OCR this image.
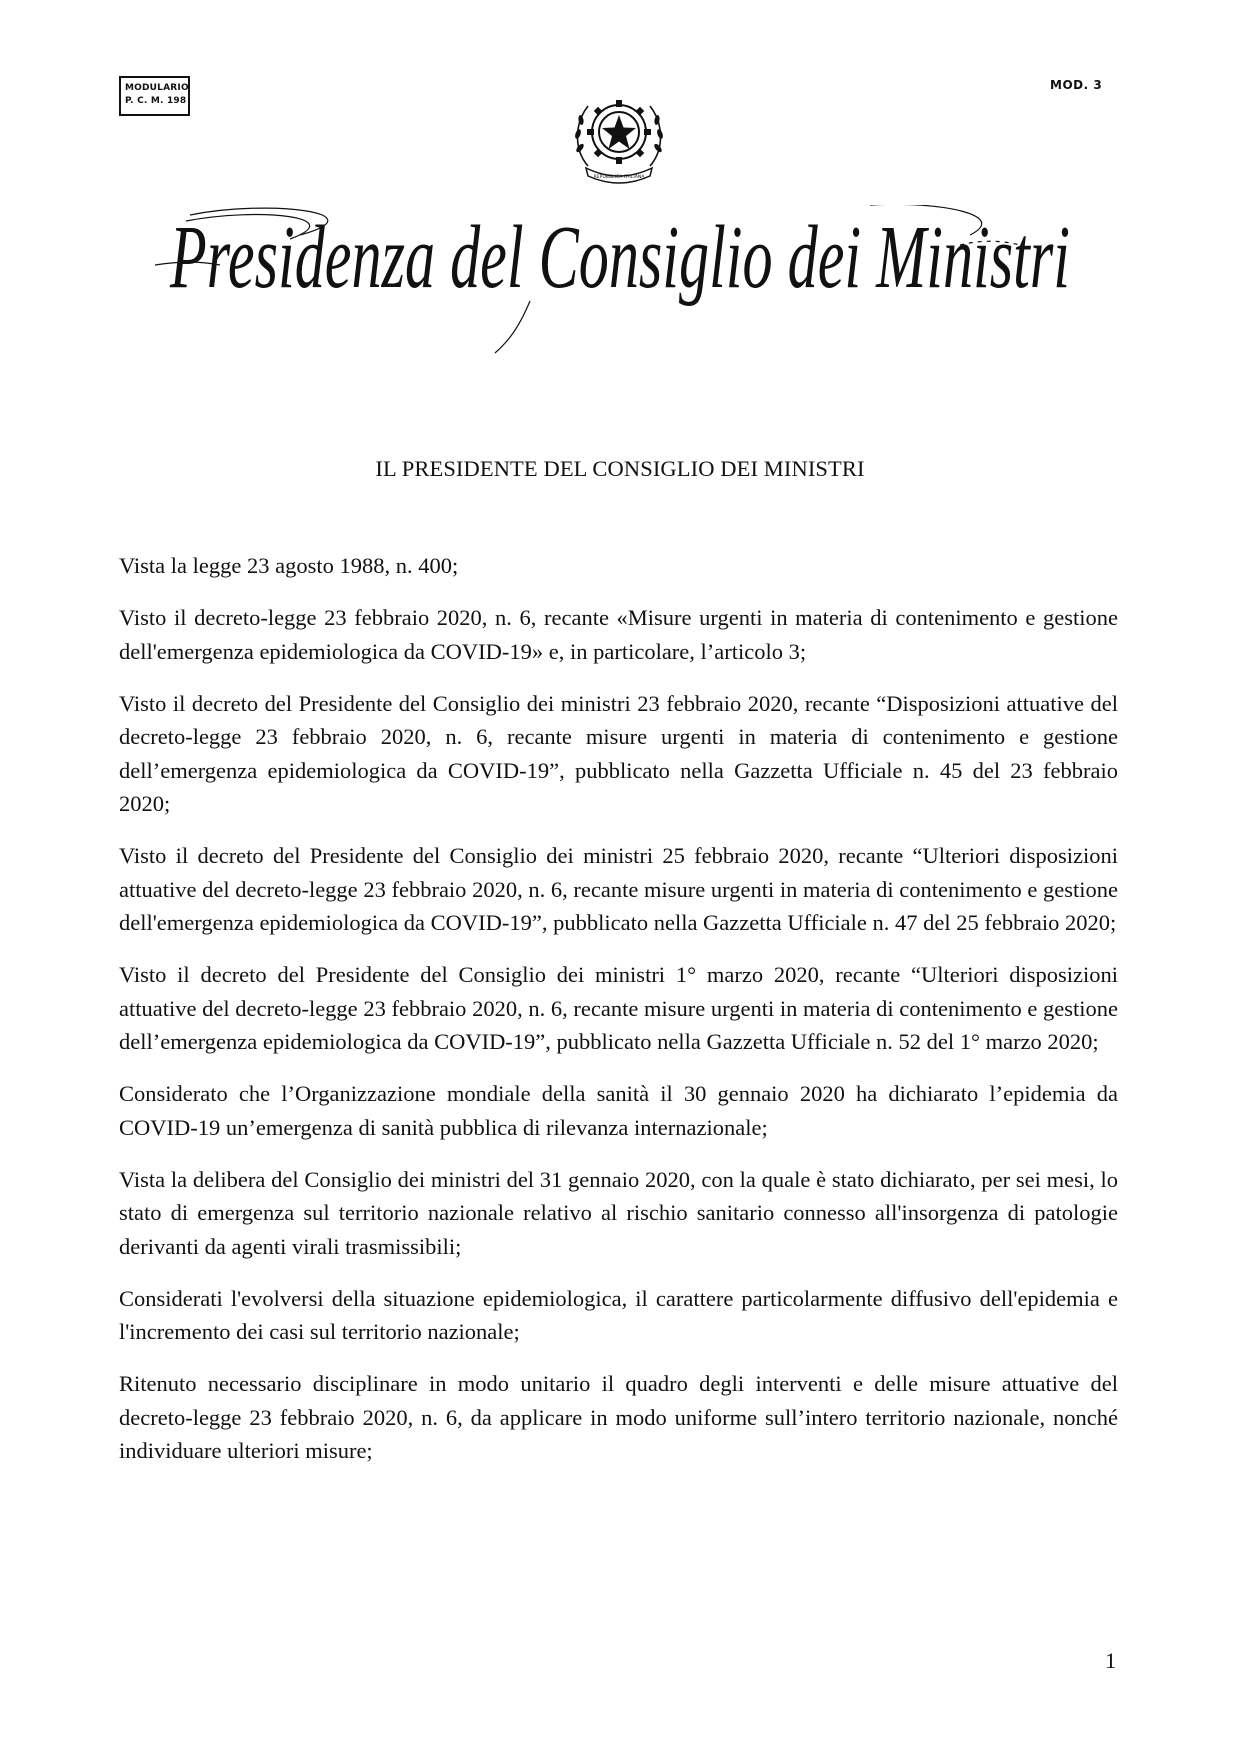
MODULARIO
P. C. M. 198
MOD. 3
REPUBBLICA ITALIANA
Presidenza del Consiglio dei Ministri
IL PRESIDENTE DEL CONSIGLIO DEI MINISTRI

Vista la legge 23 agosto 1988, n. 400;

Visto il decreto-legge 23 febbraio 2020, n. 6, recante «Misure urgenti in materia di contenimento e gestione dell'emergenza epidemiologica da COVID-19» e, in particolare, l’articolo 3;

Visto il decreto del Presidente del Consiglio dei ministri 23 febbraio 2020, recante “Disposizioni attuative del decreto-legge 23 febbraio 2020, n. 6, recante misure urgenti in materia di contenimento e gestione dell’emergenza epidemiologica da COVID-19”, pubblicato nella Gazzetta Ufficiale n. 45 del 23 febbraio 2020;

Visto il decreto del Presidente del Consiglio dei ministri 25 febbraio 2020, recante “Ulteriori disposizioni attuative del decreto-legge 23 febbraio 2020, n. 6, recante misure urgenti in materia di contenimento e gestione dell'emergenza epidemiologica da COVID-19”, pubblicato nella Gazzetta Ufficiale n. 47 del 25 febbraio 2020;

Visto il decreto del Presidente del Consiglio dei ministri 1° marzo 2020, recante “Ulteriori disposizioni attuative del decreto-legge 23 febbraio 2020, n. 6, recante misure urgenti in materia di contenimento e gestione dell’emergenza epidemiologica da COVID-19”, pubblicato nella Gazzetta Ufficiale n. 52 del 1° marzo 2020;

Considerato che l’Organizzazione mondiale della sanità il 30 gennaio 2020 ha dichiarato l’epidemia da COVID-19 un’emergenza di sanità pubblica di rilevanza internazionale;

Vista la delibera del Consiglio dei ministri del 31 gennaio 2020, con la quale è stato dichiarato, per sei mesi, lo stato di emergenza sul territorio nazionale relativo al rischio sanitario connesso all'insorgenza di patologie derivanti da agenti virali trasmissibili;

Considerati l'evolversi della situazione epidemiologica, il carattere particolarmente diffusivo dell'epidemia e l'incremento dei casi sul territorio nazionale;

Ritenuto necessario disciplinare in modo unitario il quadro degli interventi e delle misure attuative del decreto-legge 23 febbraio 2020, n. 6, da applicare in modo uniforme sull’intero territorio nazionale, nonché individuare ulteriori misure;

1
